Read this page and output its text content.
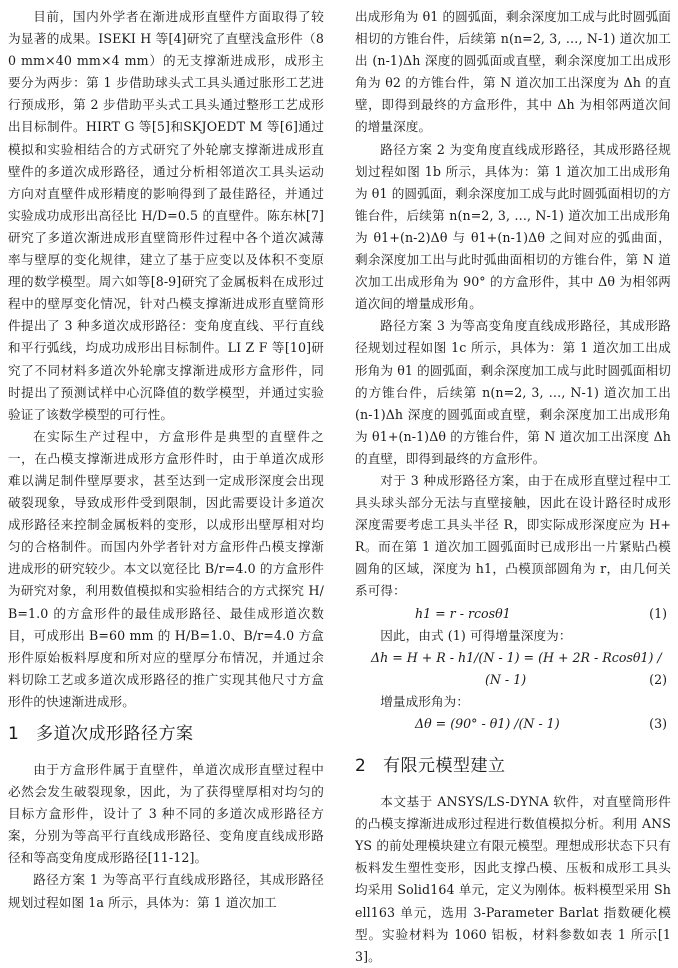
目前，国内外学者在渐进成形直壁件方面取得了较为显著的成果。ISEKI H 等[4]研究了直壁浅盒形件（80 mm×40 mm×4 mm）的无支撑渐进成形，成形主要分为两步：第 1 步借助球头式工具头通过胀形工艺进行预成形，第 2 步借助平头式工具头通过整形工艺成形出目标制件。HIRT G 等[5]和SKJOEDT M 等[6]通过模拟和实验相结合的方式研究了外轮廓支撑渐进成形直壁件的多道次成形路径，通过分析相邻道次工具头运动方向对直壁件成形精度的影响得到了最佳路径，并通过实验成功成形出高径比 H/D=0.5 的直壁件。陈东林[7]研究了多道次渐进成形直壁筒形件过程中各个道次减薄率与壁厚的变化规律，建立了基于应变以及体积不变原理的数学模型。周六如等[8-9]研究了金属板料在成形过程中的壁厚变化情况，针对凸模支撑渐进成形直壁筒形件提出了 3 种多道次成形路径：变角度直线、平行直线和平行弧线，均成功成形出目标制件。LI Z F 等[10]研究了不同材料多道次外轮廓支撑渐进成形方盒形件，同时提出了预测试样中心沉降值的数学模型，并通过实验验证了该数学模型的可行性。

在实际生产过程中，方盒形件是典型的直壁件之一，在凸模支撑渐进成形方盒形件时，由于单道次成形难以满足制件壁厚要求，甚至达到一定成形深度会出现破裂现象，导致成形件受到限制，因此需要设计多道次成形路径来控制金属板料的变形，以成形出壁厚相对均匀的合格制件。而国内外学者针对方盒形件凸模支撑渐进成形的研究较少。本文以宽径比 B/r=4.0 的方盒形件为研究对象，利用数值模拟和实验相结合的方式探究 H/B=1.0 的方盒形件的最佳成形路径、最佳成形道次数目，可成形出 B=60 mm 的 H/B=1.0、B/r=4.0 方盒形件原始板料厚度和所对应的壁厚分布情况，并通过余料切除工艺或多道次成形路径的推广实现其他尺寸方盒形件的快速渐进成形。

1 多道次成形路径方案

由于方盒形件属于直壁件，单道次成形直壁过程中必然会发生破裂现象，因此，为了获得壁厚相对均匀的目标方盒形件，设计了 3 种不同的多道次成形路径方案，分别为等高平行直线成形路径、变角度直线成形路径和等高变角度成形路径[11-12]。

路径方案 1 为等高平行直线成形路径，其成形路径规划过程如图 1a 所示，具体为：第 1 道次加工

出成形角为 θ1 的圆弧面，剩余深度加工成与此时圆弧面相切的方锥台件，后续第 n(n=2, 3, …, N-1) 道次加工出 (n-1)Δh 深度的圆弧面或直壁，剩余深度加工出成形角为 θ2 的方锥台件，第 N 道次加工出深度为 Δh 的直壁，即得到最终的方盒形件，其中 Δh 为相邻两道次间的增量深度。

路径方案 2 为变角度直线成形路径，其成形路径规划过程如图 1b 所示，具体为：第 1 道次加工出成形角为 θ1 的圆弧面，剩余深度加工成与此时圆弧面相切的方锥台件，后续第 n(n=2, 3, …, N-1) 道次加工出成形角为 θ1+(n-2)Δθ 与 θ1+(n-1)Δθ 之间对应的弧曲面，剩余深度加工出与此时弧曲面相切的方锥台件，第 N 道次加工出成形角为 90° 的方盒形件，其中 Δθ 为相邻两道次间的增量成形角。

路径方案 3 为等高变角度直线成形路径，其成形路径规划过程如图 1c 所示，具体为：第 1 道次加工出成形角为 θ1 的圆弧面，剩余深度加工成与此时圆弧面相切的方锥台件，后续第 n(n=2, 3, …, N-1) 道次加工出 (n-1)Δh 深度的圆弧面或直壁，剩余深度加工出成形角为 θ1+(n-1)Δθ 的方锥台件，第 N 道次加工出深度 Δh 的直壁，即得到最终的方盒形件。

对于 3 种成形路径方案，由于在成形直壁过程中工具头球头部分无法与直壁接触，因此在设计路径时成形深度需要考虑工具头半径 R，即实际成形深度应为 H+R。而在第 1 道次加工圆弧面时已成形出一片紧贴凸模圆角的区域，深度为 h1，凸模顶部圆角为 r，由几何关系可得：

h1 = r - rcosθ1	(1)

因此，由式 (1) 可得增量深度为：

Δh = H + R - h1/(N - 1) = (H + 2R - Rcosθ1) /
(N - 1)	(2)

增量成形角为：

Δθ = (90° - θ1) /(N - 1)	(3)
2 有限元模型建立

本文基于 ANSYS/LS-DYNA 软件，对直壁筒形件的凸模支撑渐进成形过程进行数值模拟分析。利用 ANSYS 的前处理模块建立有限元模型。理想成形状态下只有板料发生塑性变形，因此支撑凸模、压板和成形工具头均采用 Solid164 单元，定义为刚体。板料模型采用 Shell163 单元，选用 3-Parameter Barlat 指数硬化模型。实验材料为 1060 铝板，材料参数如表 1 所示[13]。
